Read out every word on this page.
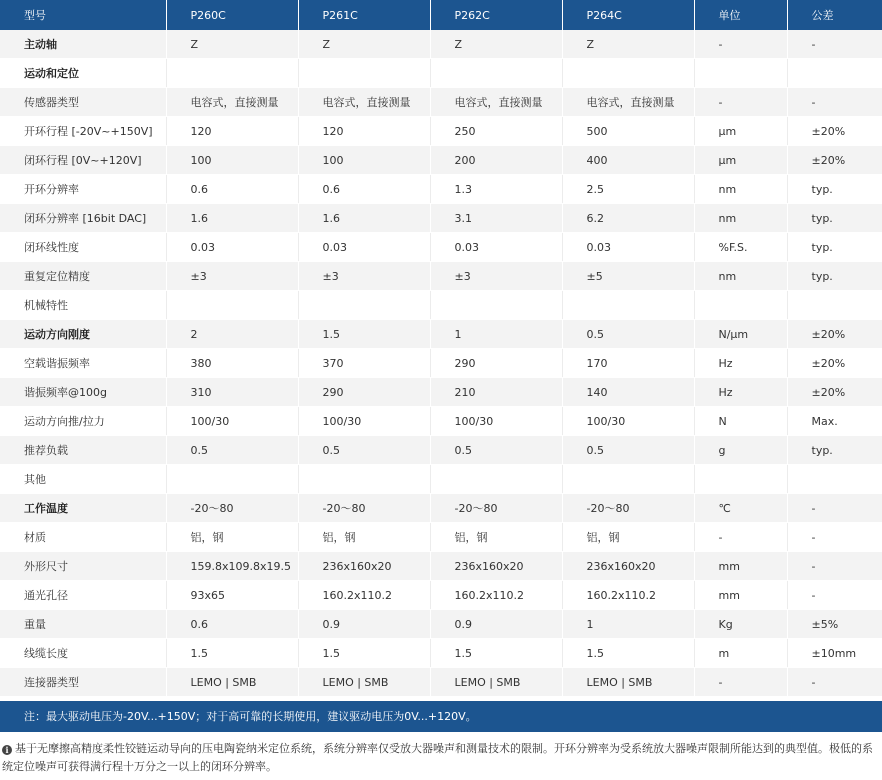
型号	P260C	P261C	P262C	P264C	单位	公差
主动轴	Z	Z	Z	Z	-	-
运动和定位						
传感器类型	电容式，直接测量	电容式，直接测量	电容式，直接测量	电容式，直接测量	-	-
开环行程 [-20V~+150V]	120	120	250	500	μm	±20%
闭环行程 [0V~+120V]	100	100	200	400	μm	±20%
开环分辨率	0.6	0.6	1.3	2.5	nm	typ.
闭环分辨率 [16bit DAC]	1.6	1.6	3.1	6.2	nm	typ.
闭环线性度	0.03	0.03	0.03	0.03	%F.S.	typ.
重复定位精度	±3	±3	±3	±5	nm	typ.
机械特性						
运动方向刚度	2	1.5	1	0.5	N/μm	±20%
空载谐振频率	380	370	290	170	Hz	±20%
谐振频率@100g	310	290	210	140	Hz	±20%
运动方向推/拉力	100/30	100/30	100/30	100/30	N	Max.
推荐负载	0.5	0.5	0.5	0.5	g	typ.
其他						
工作温度	-20～80	-20～80	-20～80	-20～80	℃	-
材质	铝，钢	铝，钢	铝，钢	铝，钢	-	-
外形尺寸	159.8x109.8x19.5	236x160x20	236x160x20	236x160x20	mm	-
通光孔径	93x65	160.2x110.2	160.2x110.2	160.2x110.2	mm	-
重量	0.6	0.9	0.9	1	Kg	±5%
线缆长度	1.5	1.5	1.5	1.5	m	±10mm
连接器类型	LEMO | SMB	LEMO | SMB	LEMO | SMB	LEMO | SMB	-	-
注：最大驱动电压为-20V...+150V；对于高可靠的长期使用，建议驱动电压为0V...+120V。
i 基于无摩擦高精度柔性铰链运动导向的压电陶瓷纳米定位系统，系统分辨率仅受放大器噪声和测量技术的限制。开环分辨率为受系统放大器噪声限制所能达到的典型值。极低的系统定位噪声可获得满行程十万分之一以上的闭环分辨率。
